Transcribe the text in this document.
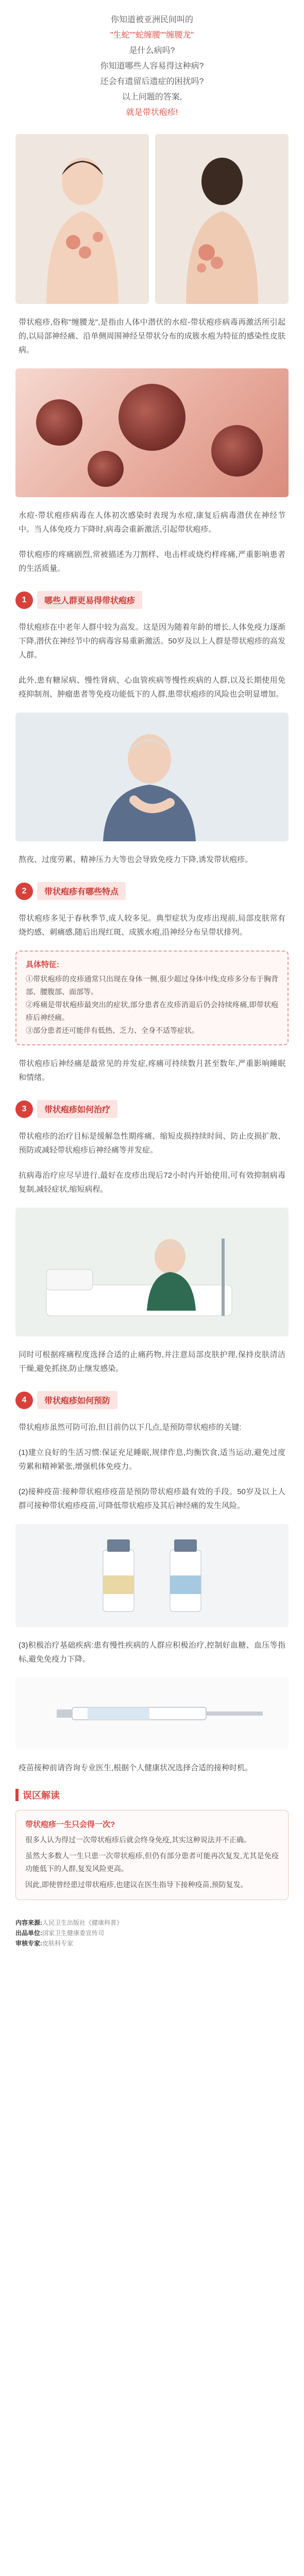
你知道被亚洲民间叫的

"生蛇""蛇缠腰""缠腰龙"

是什么病吗?

你知道哪些人容易得这种病?

还会有遗留后遗症的困扰吗?

以上问题的答案,

就是带状疱疹!

带状疱疹,俗称"缠腰龙",是指由人体中潜伏的水痘-带状疱疹病毒再激活所引起的,以局部神经痛、沿单侧周围神经呈带状分布的成簇水疱为特征的感染性皮肤病。

水痘-带状疱疹病毒在人体初次感染时表现为水痘,康复后病毒潜伏在神经节中。当人体免疫力下降时,病毒会重新激活,引起带状疱疹。

带状疱疹的疼痛剧烈,常被描述为刀割样、电击样或烧灼样疼痛,严重影响患者的生活质量。

1	哪些人群更易得带状疱疹

带状疱疹在中老年人群中较为高发。这是因为随着年龄的增长,人体免疫力逐渐下降,潜伏在神经节中的病毒容易重新激活。50岁及以上人群是带状疱疹的高发人群。

此外,患有糖尿病、慢性肾病、心血管疾病等慢性疾病的人群,以及长期使用免疫抑制剂、肿瘤患者等免疫功能低下的人群,患带状疱疹的风险也会明显增加。

熬夜、过度劳累、精神压力大等也会导致免疫力下降,诱发带状疱疹。

2	带状疱疹有哪些特点

带状疱疹多见于春秋季节,成人较多见。典型症状为皮疹出现前,局部皮肤常有烧灼感、刺痛感,随后出现红斑、成簇水疱,沿神经分布呈带状排列。

具体特征:

①带状疱疹的皮疹通常只出现在身体一侧,很少超过身体中线;皮疹多分布于胸背部、腰腹部、面部等。

②疼痛是带状疱疹最突出的症状,部分患者在皮疹消退后仍会持续疼痛,即带状疱疹后神经痛。

③部分患者还可能伴有低热、乏力、全身不适等症状。

带状疱疹后神经痛是最常见的并发症,疼痛可持续数月甚至数年,严重影响睡眠和情绪。

3	带状疱疹如何治疗

带状疱疹的治疗目标是缓解急性期疼痛、缩短皮损持续时间、防止皮损扩散、预防或减轻带状疱疹后神经痛等并发症。

抗病毒治疗应尽早进行,最好在皮疹出现后72小时内开始使用,可有效抑制病毒复制,减轻症状,缩短病程。

同时可根据疼痛程度选择合适的止痛药物,并注意局部皮肤护理,保持皮肤清洁干燥,避免抓挠,防止继发感染。

4	带状疱疹如何预防

带状疱疹虽然可防可治,但目前仍以下几点,是预防带状疱疹的关键:

(1)建立良好的生活习惯:保证充足睡眠,规律作息,均衡饮食,适当运动,避免过度劳累和精神紧张,增强机体免疫力。

(2)接种疫苗:接种带状疱疹疫苗是预防带状疱疹最有效的手段。50岁及以上人群可接种带状疱疹疫苗,可降低带状疱疹及其后神经痛的发生风险。

(3)积极治疗基础疾病:患有慢性疾病的人群应积极治疗,控制好血糖、血压等指标,避免免疫力下降。

疫苗接种前请咨询专业医生,根据个人健康状况选择合适的接种时机。

误区解读
带状疱疹一生只会得一次?

很多人认为得过一次带状疱疹后就会终身免疫,其实这种说法并不正确。

虽然大多数人一生只患一次带状疱疹,但仍有部分患者可能再次复发,尤其是免疫功能低下的人群,复发风险更高。

因此,即使曾经患过带状疱疹,也建议在医生指导下接种疫苗,预防复发。

内容来源:人民卫生出版社《健康科普》
出品单位:国家卫生健康委宣传司
审核专家:皮肤科专家
